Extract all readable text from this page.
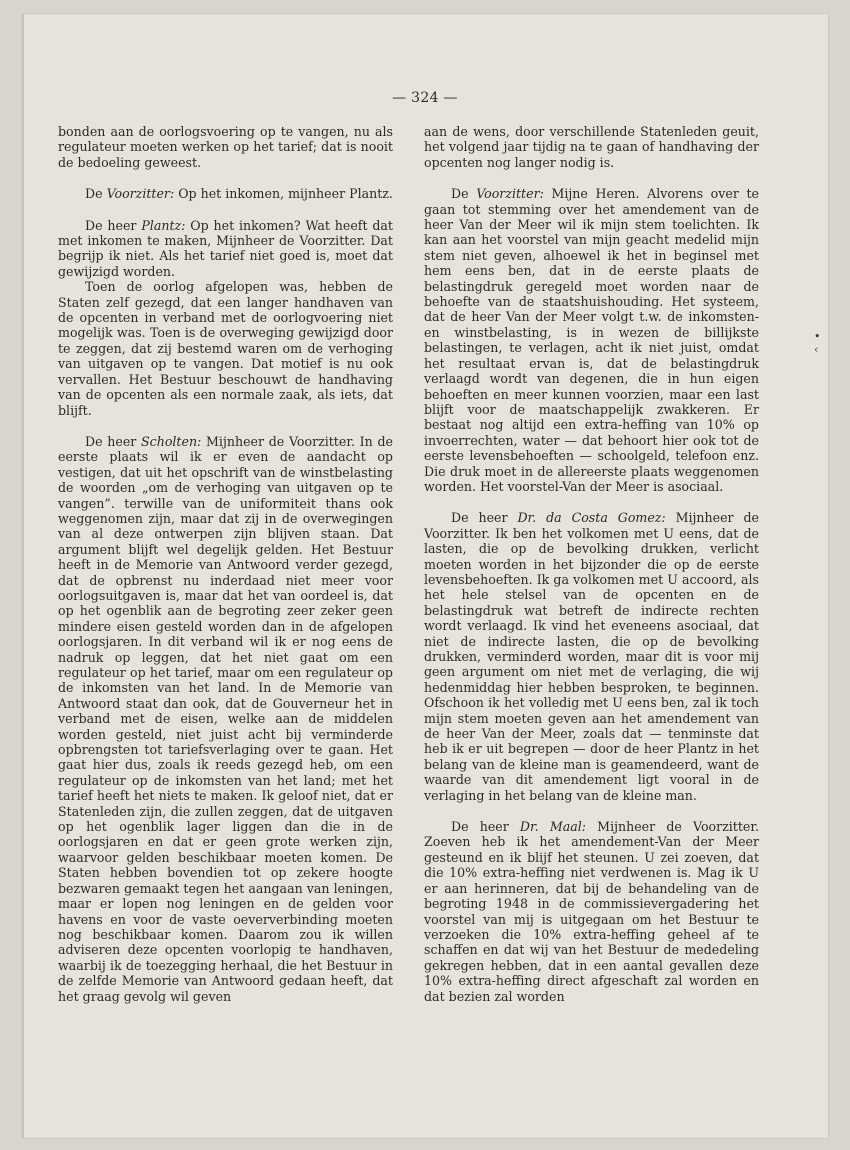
— 324 —

bonden aan de oorlogsvoering op te vangen, nu als regulateur moeten werken op het tarief; dat is nooit de bedoeling geweest.

De Voorzitter: Op het inkomen, mijnheer Plantz.

De heer Plantz: Op het inkomen? Wat heeft dat met inkomen te maken, Mijnheer de Voorzitter. Dat begrijp ik niet. Als het tarief niet goed is, moet dat gewijzigd worden.

Toen de oorlog afgelopen was, hebben de Staten zelf gezegd, dat een langer handhaven van de opcenten in verband met de oorlogvoering niet mogelijk was. Toen is de overweging gewijzigd door te zeggen, dat zij bestemd waren om de verhoging van uitgaven op te vangen. Dat motief is nu ook vervallen. Het Bestuur beschouwt de handhaving van de opcenten als een normale zaak, als iets, dat blijft.

De heer Scholten: Mijnheer de Voorzitter. In de eerste plaats wil ik er even de aandacht op vestigen, dat uit het opschrift van de winstbelasting de woorden „om de verhoging van uitgaven op te vangen”. terwille van de uniformiteit thans ook weggenomen zijn, maar dat zij in de overwegingen van al deze ontwerpen zijn blijven staan. Dat argument blijft wel degelijk gelden. Het Bestuur heeft in de Memorie van Antwoord verder gezegd, dat de opbrenst nu inderdaad niet meer voor oorlogsuitgaven is, maar dat het van oordeel is, dat op het ogenblik aan de begroting zeer zeker geen mindere eisen gesteld worden dan in de afgelopen oorlogsjaren. In dit verband wil ik er nog eens de nadruk op leggen, dat het niet gaat om een regulateur op het tarief, maar om een regulateur op de inkomsten van het land. In de Memorie van Antwoord staat dan ook, dat de Gouverneur het in verband met de eisen, welke aan de middelen worden gesteld, niet juist acht bij verminderde opbrengsten tot tariefsverlaging over te gaan. Het gaat hier dus, zoals ik reeds gezegd heb, om een regulateur op de inkomsten van het land; met het tarief heeft het niets te maken. Ik geloof niet, dat er Statenleden zijn, die zullen zeggen, dat de uitgaven op het ogenblik lager liggen dan die in de oorlogsjaren en dat er geen grote werken zijn, waarvoor gelden beschikbaar moeten komen. De Staten hebben bovendien tot op zekere hoogte bezwaren gemaakt tegen het aangaan van leningen, maar er lopen nog leningen en de gelden voor havens en voor de vaste oeververbinding moeten nog beschikbaar komen. Daarom zou ik willen adviseren deze opcenten voorlopig te handhaven, waarbij ik de toezegging herhaal, die het Bestuur in de zelfde Memorie van Antwoord gedaan heeft, dat het graag gevolg wil geven

aan de wens, door verschillende Statenleden geuit, het volgend jaar tijdig na te gaan of handhaving der opcenten nog langer nodig is.

De Voorzitter: Mijne Heren. Alvorens over te gaan tot stemming over het amendement van de heer Van der Meer wil ik mijn stem toelichten. Ik kan aan het voorstel van mijn geacht medelid mijn stem niet geven, alhoewel ik het in beginsel met hem eens ben, dat in de eerste plaats de belastingdruk geregeld moet worden naar de behoefte van de staatshuishouding. Het systeem, dat de heer Van der Meer volgt t.w. de inkomsten- en winstbelasting, is in wezen de billijkste belastingen, te verlagen, acht ik niet juist, omdat het resultaat ervan is, dat de belastingdruk verlaagd wordt van degenen, die in hun eigen behoeften en meer kunnen voorzien, maar een last blijft voor de maatschappelijk zwakkeren. Er bestaat nog altijd een extra-heffing van 10% op invoerrechten, water — dat behoort hier ook tot de eerste levensbehoeften — schoolgeld, telefoon enz. Die druk moet in de allereerste plaats weggenomen worden. Het voorstel-Van der Meer is asociaal.

De heer Dr. da Costa Gomez: Mijnheer de Voorzitter. Ik ben het volkomen met U eens, dat de lasten, die op de bevolking drukken, verlicht moeten worden in het bijzonder die op de eerste levensbehoeften. Ik ga volkomen met U accoord, als het hele stelsel van de opcenten en de belastingdruk wat betreft de indirecte rechten wordt verlaagd. Ik vind het eveneens asociaal, dat niet de indirecte lasten, die op de bevolking drukken, verminderd worden, maar dit is voor mij geen argument om niet met de verlaging, die wij hedenmiddag hier hebben besproken, te beginnen. Ofschoon ik het volledig met U eens ben, zal ik toch mijn stem moeten geven aan het amendement van de heer Van der Meer, zoals dat — tenminste dat heb ik er uit begrepen — door de heer Plantz in het belang van de kleine man is geamendeerd, want de waarde van dit amendement ligt vooral in de verlaging in het belang van de kleine man.

De heer Dr. Maal: Mijnheer de Voorzitter. Zoeven heb ik het amendement-Van der Meer gesteund en ik blijf het steunen. U zei zoeven, dat die 10% extra-heffing niet verdwenen is. Mag ik U er aan herinneren, dat bij de behandeling van de begroting 1948 in de commissievergadering het voorstel van mij is uitgegaan om het Bestuur te verzoeken die 10% extra-heffing geheel af te schaffen en dat wij van het Bestuur de mededeling gekregen hebben, dat in een aantal gevallen deze 10% extra-heffing direct afgeschaft zal worden en dat bezien zal worden

• ‹
